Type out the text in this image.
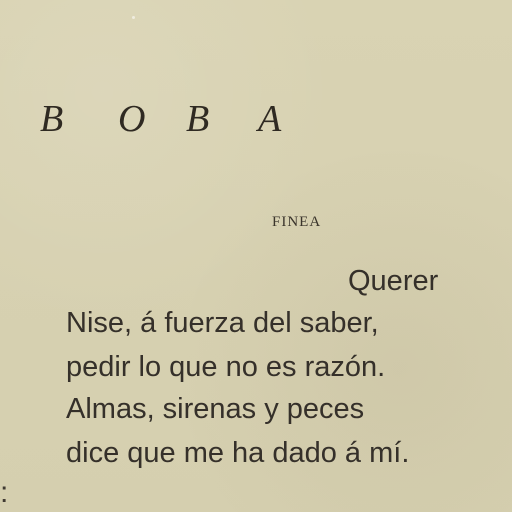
B O B A
FINEA
Querer
Nise, á fuerza del saber,
pedir lo que no es razón.
Almas, sirenas y peces
dice que me ha dado á mí.
:
